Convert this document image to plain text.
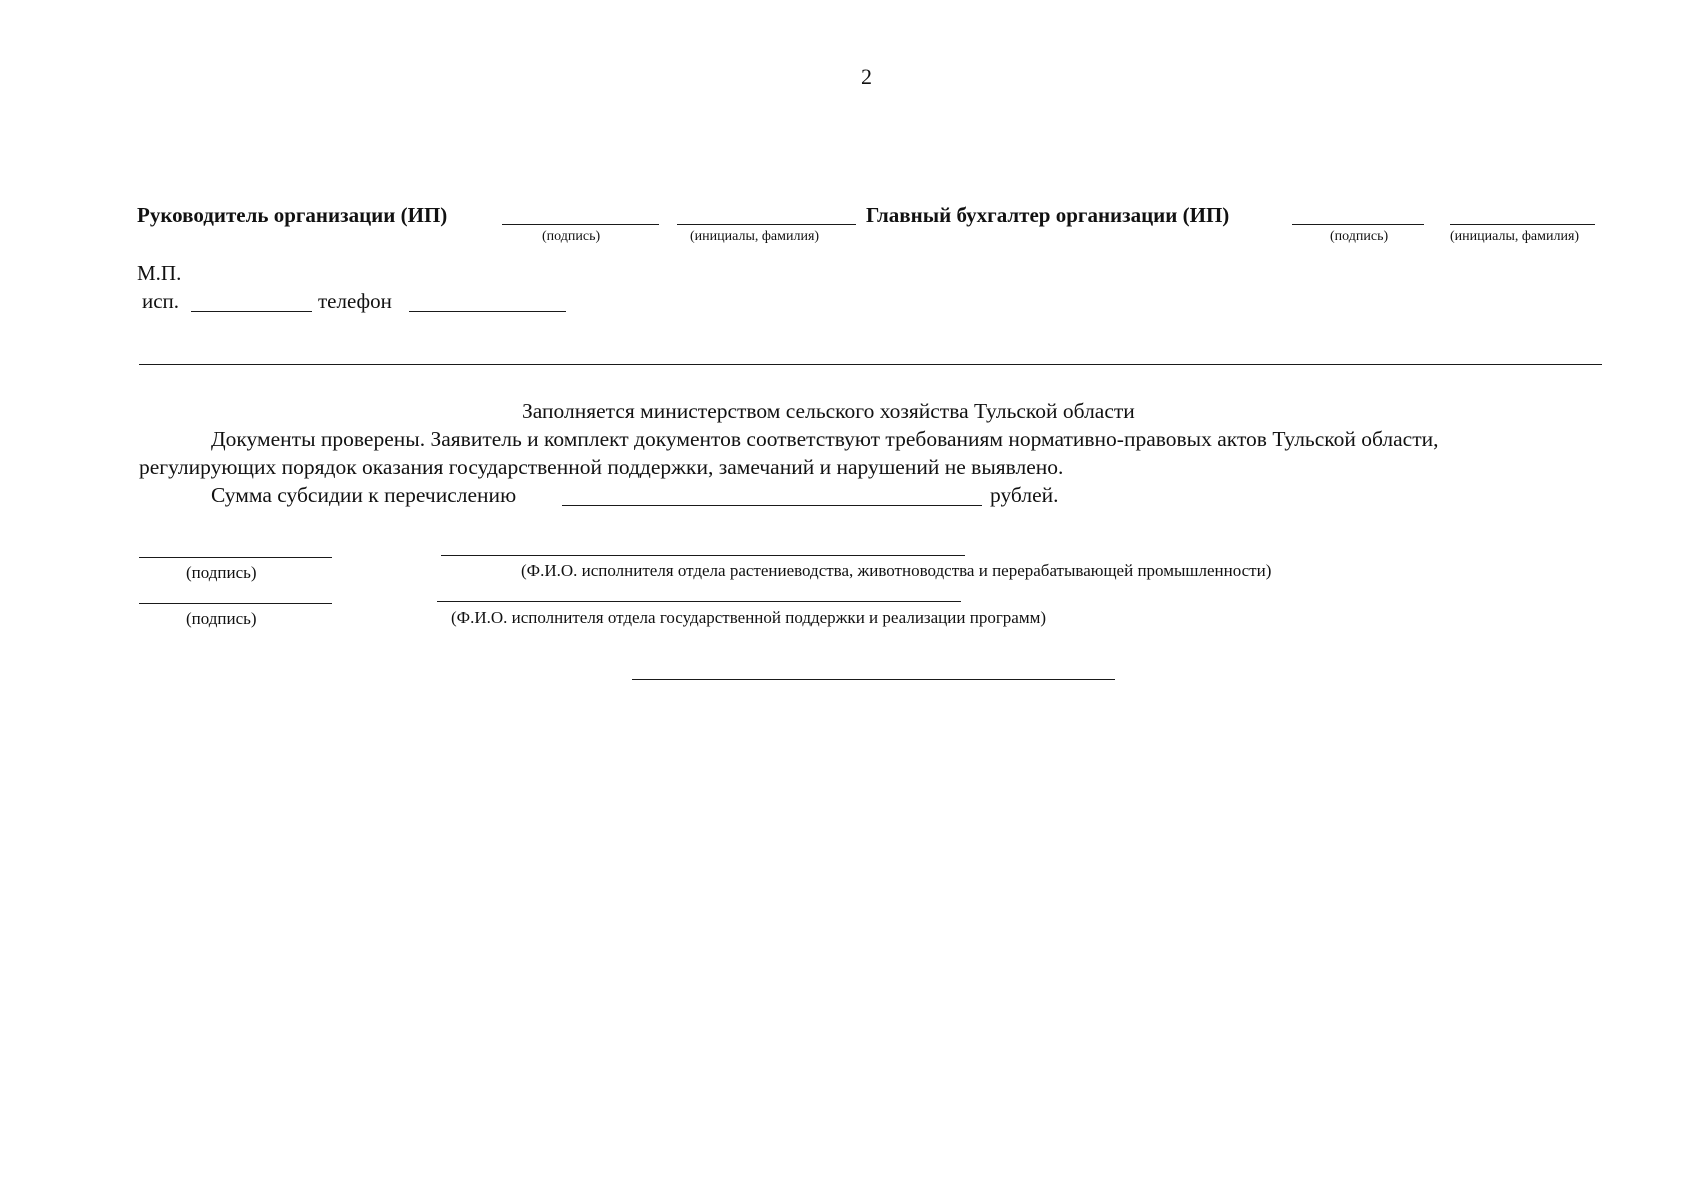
2
Руководитель организации (ИП)
(подпись)	(инициалы, фамилия)
Главный бухгалтер организации (ИП)
(подпись)	(инициалы, фамилия)
М.П.
исп.	телефон
Заполняется министерством сельского хозяйства Тульской области
Документы проверены. Заявитель и комплект документов соответствуют требованиям нормативно-правовых актов Тульской области,
регулирующих порядок оказания государственной поддержки, замечаний и нарушений не выявлено.
Сумма субсидии к перечислению	рублей.
(подпись)	(Ф.И.О. исполнителя отдела растениеводства, животноводства и перерабатывающей промышленности)
(подпись)	(Ф.И.О. исполнителя отдела государственной поддержки и реализации программ)
